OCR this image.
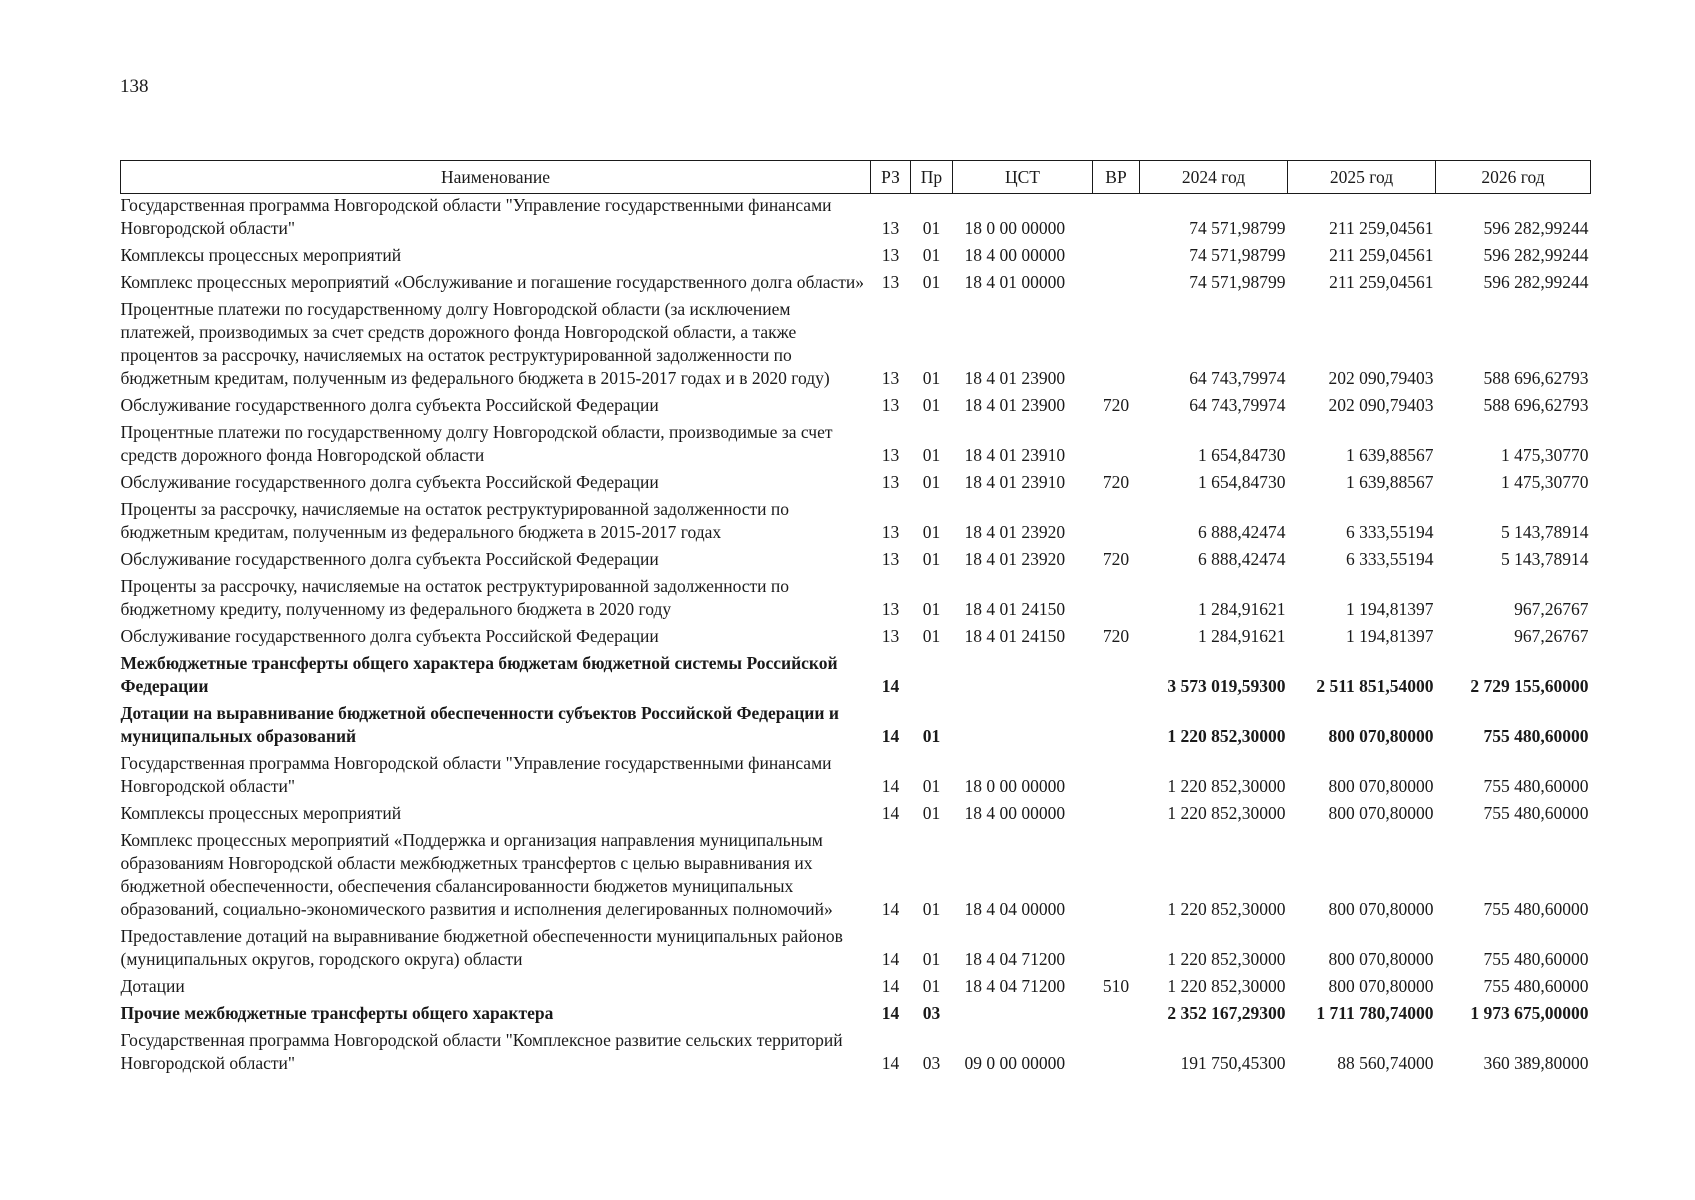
138
Наименование	РЗ	Пр	ЦСТ	ВР	2024 год	2025 год	2026 год
Государственная программа Новгородской области "Управление государственными финансами Новгородской области"	13	01	18 0 00 00000		74 571,98799	211 259,04561	596 282,99244
Комплексы процессных мероприятий	13	01	18 4 00 00000		74 571,98799	211 259,04561	596 282,99244
Комплекс процессных мероприятий «Обслуживание и погашение государственного долга области»	13	01	18 4 01 00000		74 571,98799	211 259,04561	596 282,99244
Процентные платежи по государственному долгу Новгородской области (за исключением платежей, производимых за счет средств дорожного фонда Новгородской области, а также процентов за рассрочку, начисляемых на остаток реструктурированной задолженности по бюджетным кредитам, полученным из федерального бюджета в 2015-2017 годах и в 2020 году)	13	01	18 4 01 23900		64 743,79974	202 090,79403	588 696,62793
Обслуживание государственного долга субъекта Российской Федерации	13	01	18 4 01 23900	720	64 743,79974	202 090,79403	588 696,62793
Процентные платежи по государственному долгу Новгородской области, производимые за счет средств дорожного фонда Новгородской области	13	01	18 4 01 23910		1 654,84730	1 639,88567	1 475,30770
Обслуживание государственного долга субъекта Российской Федерации	13	01	18 4 01 23910	720	1 654,84730	1 639,88567	1 475,30770
Проценты за рассрочку, начисляемые на остаток реструктурированной задолженности по бюджетным кредитам, полученным из федерального бюджета в 2015-2017 годах	13	01	18 4 01 23920		6 888,42474	6 333,55194	5 143,78914
Обслуживание государственного долга субъекта Российской Федерации	13	01	18 4 01 23920	720	6 888,42474	6 333,55194	5 143,78914
Проценты за рассрочку, начисляемые на остаток реструктурированной задолженности по бюджетному кредиту, полученному из федерального бюджета в 2020 году	13	01	18 4 01 24150		1 284,91621	1 194,81397	967,26767
Обслуживание государственного долга субъекта Российской Федерации	13	01	18 4 01 24150	720	1 284,91621	1 194,81397	967,26767
Межбюджетные трансферты общего характера бюджетам бюджетной системы Российской Федерации	14				3 573 019,59300	2 511 851,54000	2 729 155,60000
Дотации на выравнивание бюджетной обеспеченности субъектов Российской Федерации и муниципальных образований	14	01			1 220 852,30000	800 070,80000	755 480,60000
Государственная программа Новгородской области "Управление государственными финансами Новгородской области"	14	01	18 0 00 00000		1 220 852,30000	800 070,80000	755 480,60000
Комплексы процессных мероприятий	14	01	18 4 00 00000		1 220 852,30000	800 070,80000	755 480,60000
Комплекс процессных мероприятий «Поддержка и организация направления муниципальным образованиям Новгородской области межбюджетных трансфертов с целью выравнивания их бюджетной обеспеченности, обеспечения сбалансированности бюджетов муниципальных образований, социально-экономического развития и исполнения делегированных полномочий»	14	01	18 4 04 00000		1 220 852,30000	800 070,80000	755 480,60000
Предоставление дотаций на выравнивание бюджетной обеспеченности муниципальных районов (муниципальных округов, городского округа) области	14	01	18 4 04 71200		1 220 852,30000	800 070,80000	755 480,60000
Дотации	14	01	18 4 04 71200	510	1 220 852,30000	800 070,80000	755 480,60000
Прочие межбюджетные трансферты общего характера	14	03			2 352 167,29300	1 711 780,74000	1 973 675,00000
Государственная программа Новгородской области "Комплексное развитие сельских территорий Новгородской области"	14	03	09 0 00 00000		191 750,45300	88 560,74000	360 389,80000
